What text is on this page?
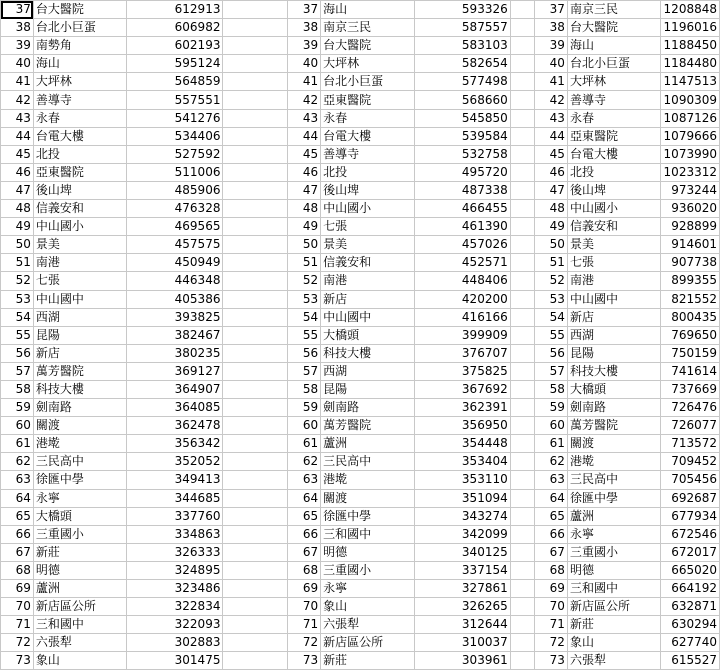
37	台大醫院	612913		37	海山	593326		37	南京三民	1208848
38	台北小巨蛋	606982		38	南京三民	587557		38	台大醫院	1196016
39	南勢角	602193		39	台大醫院	583103		39	海山	1188450
40	海山	595124		40	大坪林	582654		40	台北小巨蛋	1184480
41	大坪林	564859		41	台北小巨蛋	577498		41	大坪林	1147513
42	善導寺	557551		42	亞東醫院	568660		42	善導寺	1090309
43	永春	541276		43	永春	545850		43	永春	1087126
44	台電大樓	534406		44	台電大樓	539584		44	亞東醫院	1079666
45	北投	527592		45	善導寺	532758		45	台電大樓	1073990
46	亞東醫院	511006		46	北投	495720		46	北投	1023312
47	後山埤	485906		47	後山埤	487338		47	後山埤	973244
48	信義安和	476328		48	中山國小	466455		48	中山國小	936020
49	中山國小	469565		49	七張	461390		49	信義安和	928899
50	景美	457575		50	景美	457026		50	景美	914601
51	南港	450949		51	信義安和	452571		51	七張	907738
52	七張	446348		52	南港	448406		52	南港	899355
53	中山國中	405386		53	新店	420200		53	中山國中	821552
54	西湖	393825		54	中山國中	416166		54	新店	800435
55	昆陽	382467		55	大橋頭	399909		55	西湖	769650
56	新店	380235		56	科技大樓	376707		56	昆陽	750159
57	萬芳醫院	369127		57	西湖	375825		57	科技大樓	741614
58	科技大樓	364907		58	昆陽	367692		58	大橋頭	737669
59	劍南路	364085		59	劍南路	362391		59	劍南路	726476
60	關渡	362478		60	萬芳醫院	356950		60	萬芳醫院	726077
61	港墘	356342		61	蘆洲	354448		61	關渡	713572
62	三民高中	352052		62	三民高中	353404		62	港墘	709452
63	徐匯中學	349413		63	港墘	353110		63	三民高中	705456
64	永寧	344685		64	關渡	351094		64	徐匯中學	692687
65	大橋頭	337760		65	徐匯中學	343274		65	蘆洲	677934
66	三重國小	334863		66	三和國中	342099		66	永寧	672546
67	新莊	326333		67	明德	340125		67	三重國小	672017
68	明德	324895		68	三重國小	337154		68	明德	665020
69	蘆洲	323486		69	永寧	327861		69	三和國中	664192
70	新店區公所	322834		70	象山	326265		70	新店區公所	632871
71	三和國中	322093		71	六張犁	312644		71	新莊	630294
72	六張犁	302883		72	新店區公所	310037		72	象山	627740
73	象山	301475		73	新莊	303961		73	六張犁	615527
